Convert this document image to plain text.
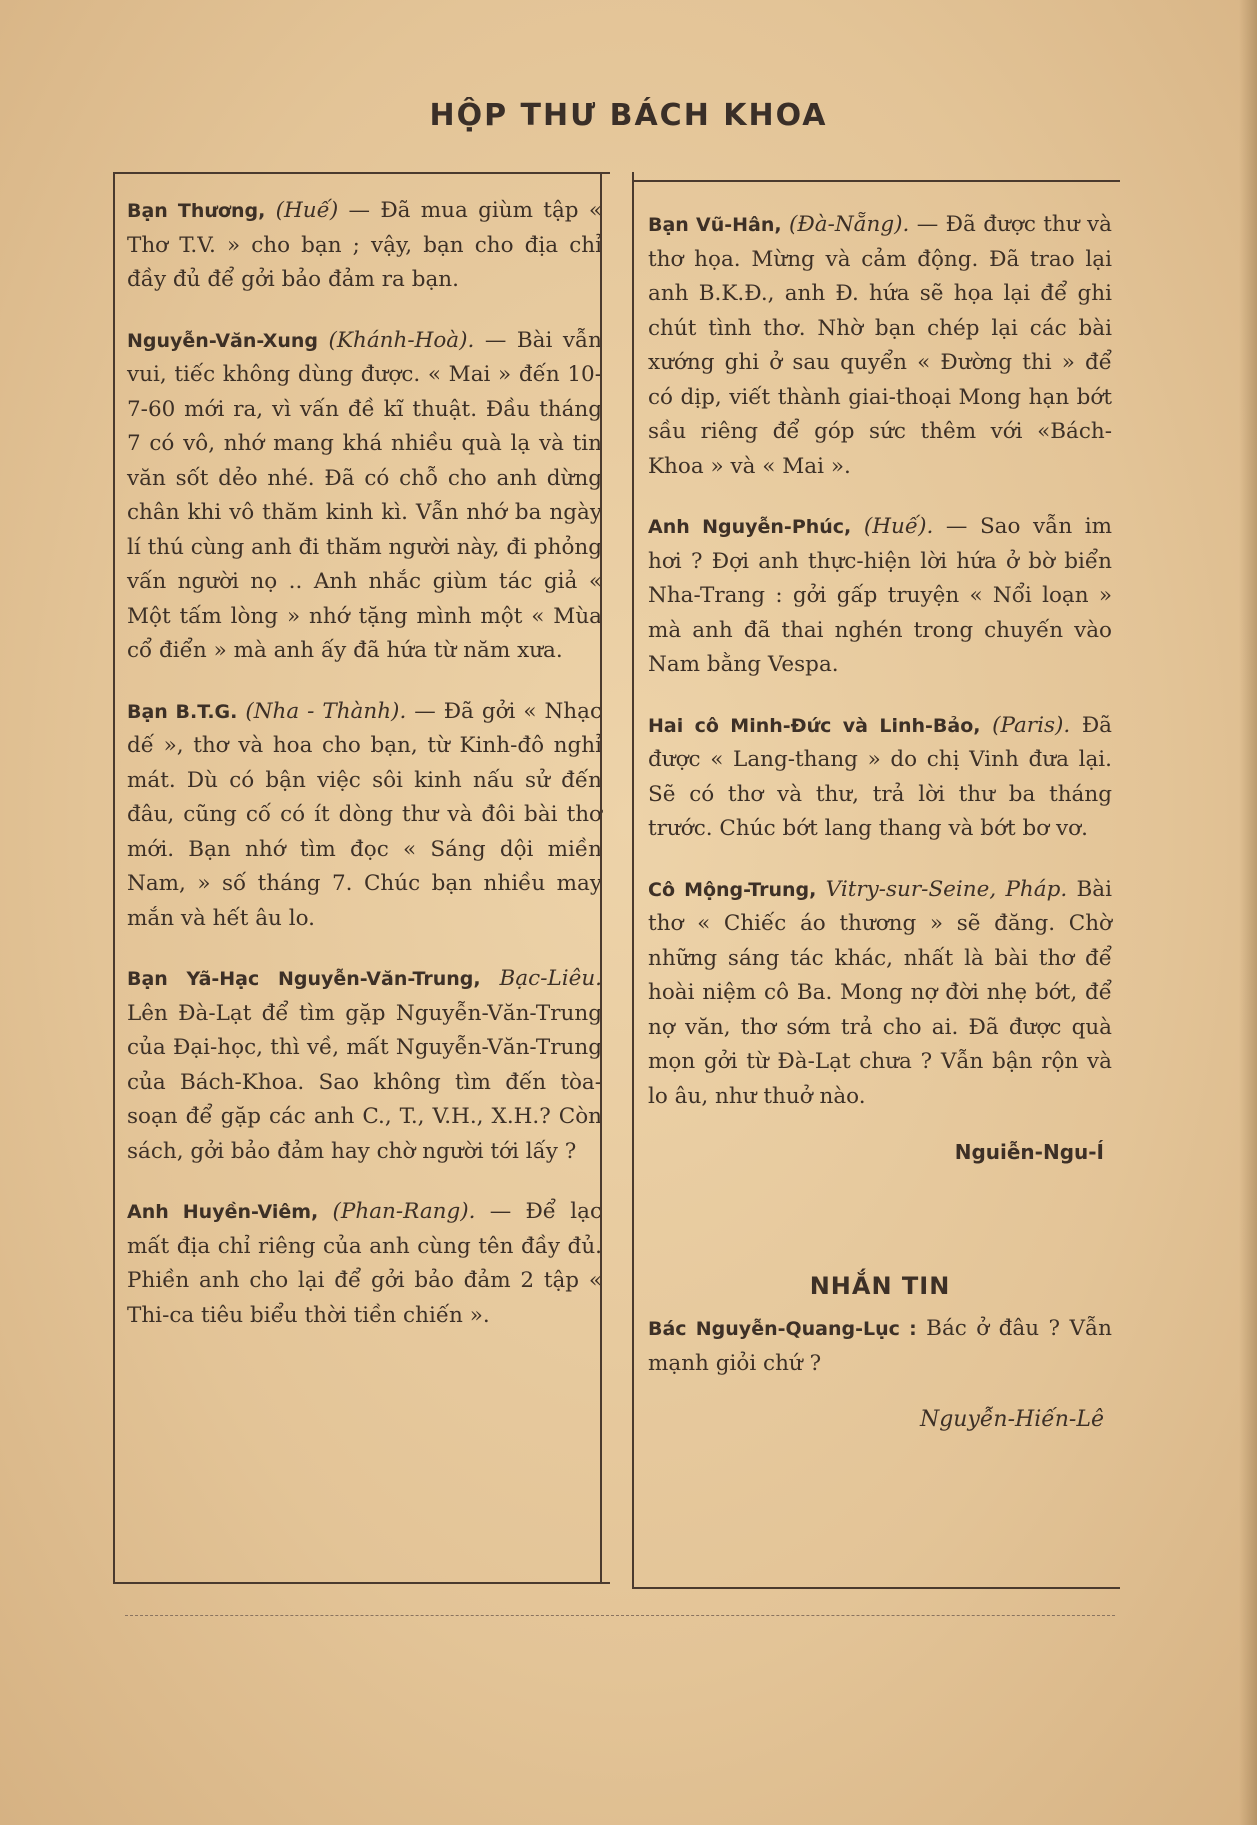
HỘP THƯ BÁCH KHOA
Bạn Thương, (Huế) — Đã mua giùm tập « Thơ T.V. » cho bạn ; vậy, bạn cho địa chỉ đầy đủ để gởi bảo đảm ra bạn.
Nguyễn-Văn-Xung (Khánh-Hoà). — Bài vẫn vui, tiếc không dùng được. « Mai » đến 10-7-60 mới ra, vì vấn đề kĩ thuật. Đầu tháng 7 có vô, nhớ mang khá nhiều quà lạ và tin văn sốt dẻo nhé. Đã có chỗ cho anh dừng chân khi vô thăm kinh kì. Vẫn nhớ ba ngày lí thú cùng anh đi thăm người này, đi phỏng vấn người nọ .. Anh nhắc giùm tác giả « Một tấm lòng » nhớ tặng mình một « Mùa cổ điển » mà anh ấy đã hứa từ năm xưa.
Bạn B.T.G. (Nha - Thành). — Đã gởi « Nhạc dế », thơ và hoa cho bạn, từ Kinh-đô nghỉ mát. Dù có bận việc sôi kinh nấu sử đến đâu, cũng cố có ít dòng thư và đôi bài thơ mới. Bạn nhớ tìm đọc « Sáng dội miền Nam, » số tháng 7. Chúc bạn nhiều may mắn và hết âu lo.
Bạn Yã-Hạc Nguyễn-Văn-Trung, Bạc-Liêu. Lên Đà-Lạt để tìm gặp Nguyễn-Văn-Trung của Đại-học, thì về, mất Nguyễn-Văn-Trung của Bách-Khoa. Sao không tìm đến tòa-soạn để gặp các anh C., T., V.H., X.H.? Còn sách, gởi bảo đảm hay chờ người tới lấy ?
Anh Huyền-Viêm, (Phan-Rang). — Để lạc mất địa chỉ riêng của anh cùng tên đầy đủ. Phiền anh cho lại để gởi bảo đảm 2 tập « Thi-ca tiêu biểu thời tiền chiến ».
Bạn Vũ-Hân, (Đà-Nẵng). — Đã được thư và thơ họa. Mừng và cảm động. Đã trao lại anh B.K.Đ., anh Đ. hứa sẽ họa lại để ghi chút tình thơ. Nhờ bạn chép lại các bài xướng ghi ở sau quyển « Đường thi » để có dịp, viết thành giai-thoại Mong hạn bớt sầu riêng để góp sức thêm với «Bách-Khoa » và « Mai ».
Anh Nguyễn-Phúc, (Huế). — Sao vẫn im hơi ? Đợi anh thực-hiện lời hứa ở bờ biển Nha-Trang : gởi gấp truyện « Nổi loạn » mà anh đã thai nghén trong chuyến vào Nam bằng Vespa.
Hai cô Minh-Đức và Linh-Bảo, (Paris). Đã được « Lang-thang » do chị Vinh đưa lại. Sẽ có thơ và thư, trả lời thư ba tháng trước. Chúc bớt lang thang và bớt bơ vơ.
Cô Mộng-Trung, Vitry-sur-Seine, Pháp. Bài thơ « Chiếc áo thương » sẽ đăng. Chờ những sáng tác khác, nhất là bài thơ để hoài niệm cô Ba. Mong nợ đời nhẹ bớt, để nợ văn, thơ sớm trả cho ai. Đã được quà mọn gởi từ Đà-Lạt chưa ? Vẫn bận rộn và lo âu, như thuở nào.
Nguiễn-Ngu-Í
NHẮN TIN
Bác Nguyễn-Quang-Lục : Bác ở đâu ? Vẫn mạnh giỏi chứ ?
Nguyễn-Hiến-Lê
